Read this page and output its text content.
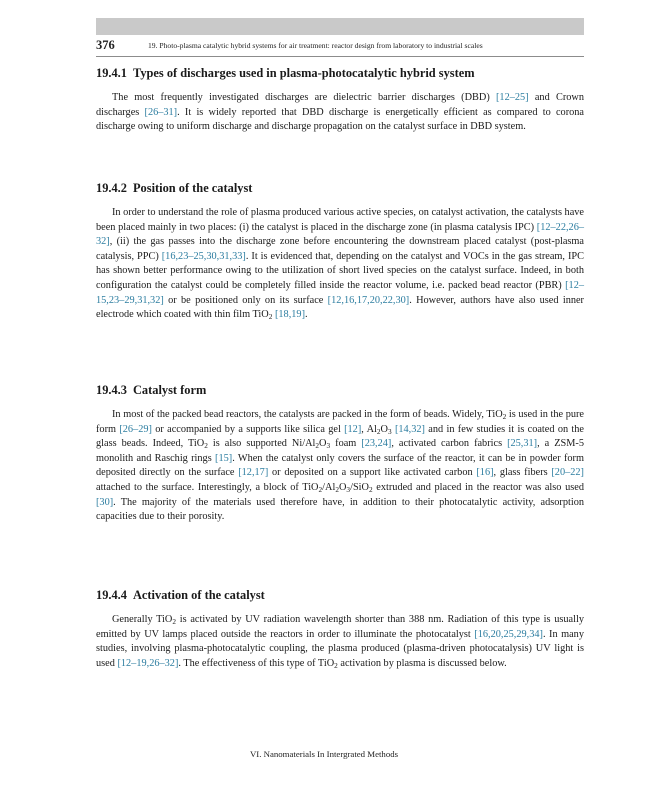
376	19. Photo-plasma catalytic hybrid systems for air treatment: reactor design from laboratory to industrial scales
19.4.1 Types of discharges used in plasma-photocatalytic hybrid system

The most frequently investigated discharges are dielectric barrier discharges (DBD) [12–25] and Crown discharges [26–31]. It is widely reported that DBD discharge is energetically efficient as compared to corona discharge owing to uniform discharge and discharge propagation on the catalyst surface in DBD system.

19.4.2 Position of the catalyst

In order to understand the role of plasma produced various active species, on catalyst activation, the catalysts have been placed mainly in two places: (i) the catalyst is placed in the discharge zone (in plasma catalysis IPC) [12–22,26–32], (ii) the gas passes into the discharge zone before encountering the downstream placed catalyst (post-plasma catalysis, PPC) [16,23–25,30,31,33]. It is evidenced that, depending on the catalyst and VOCs in the gas stream, IPC has shown better performance owing to the utilization of short lived species on the catalyst surface. Indeed, in both configuration the catalyst could be completely filled inside the reactor volume, i.e. packed bead reactor (PBR) [12–15,23–29,31,32] or be positioned only on its surface [12,16,17,20,22,30]. However, authors have also used inner electrode which coated with thin film TiO$_2$ [18,19].

19.4.3 Catalyst form

In most of the packed bead reactors, the catalysts are packed in the form of beads. Widely, TiO$_2$ is used in the pure form [26–29] or accompanied by a supports like silica gel [12], $Al_2O_3$ [14,32] and in few studies it is coated on the glass beads. Indeed, TiO$_2$ is also supported $Ni/Al_2O_3$ foam [23,24], activated carbon fabrics [25,31], a ZSM-5 monolith and Raschig rings [15]. When the catalyst only covers the surface of the reactor, it can be in powder form deposited directly on the surface [12,17] or deposited on a support like activated carbon [16], glass fibers [20–22] attached to the surface. Interestingly, a block of $TiO_2/Al_2O_3/SiO_2$ extruded and placed in the reactor was also used [30]. The majority of the materials used therefore have, in addition to their photocatalytic activity, adsorption capacities due to their porosity.

19.4.4 Activation of the catalyst

Generally TiO$_2$ is activated by UV radiation wavelength shorter than 388 nm. Radiation of this type is usually emitted by UV lamps placed outside the reactors in order to illuminate the photocatalyst [16,20,25,29,34]. In many studies, involving plasma-photocatalytic coupling, the plasma produced (plasma-driven photocatalysis) UV light is used [12–19,26–32]. The effectiveness of this type of TiO$_2$ activation by plasma is discussed below.

VI. Nanomaterials In Intergrated Methods
